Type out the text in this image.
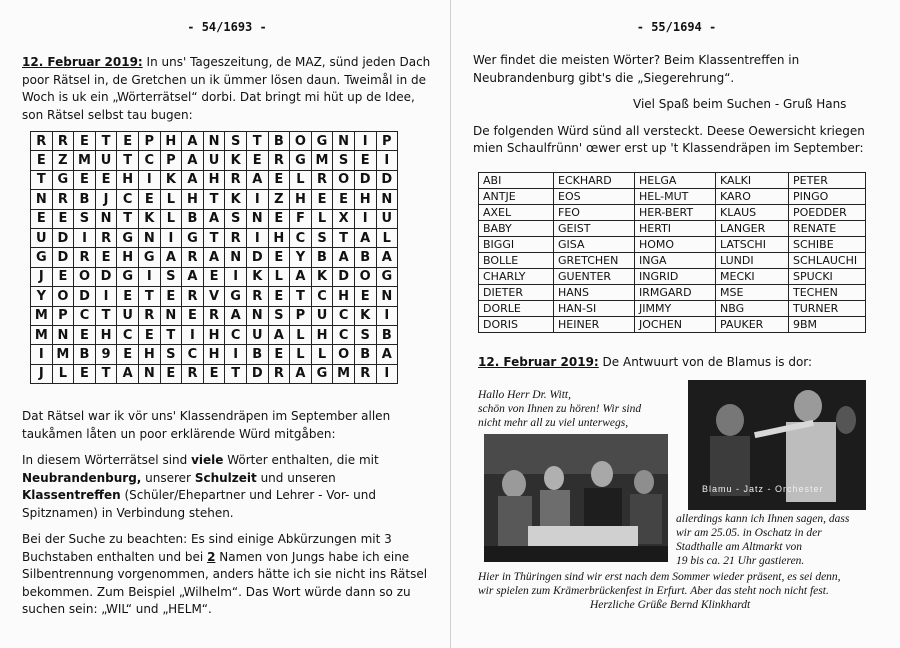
- 54/1693 -

12. Februar 2019: In uns' Tageszeitung, de MAZ, sünd jeden Dach poor Rätsel in, de Gretchen un ik ümmer lösen daun. Tweimål in de Woch is uk ein „Wörterrätsel“ dorbi. Dat bringt mi hüt up de Idee, son Rätsel selbst tau bugen:

R	R	E	T	E	P	H	A	N	S	T	B	O	G	N	I	P
E	Z	M	U	T	C	P	A	U	K	E	R	G	M	S	E	I
T	G	E	E	H	I	K	A	H	R	A	E	L	R	O	D	D
N	R	B	J	C	E	L	H	T	K	I	Z	H	E	E	H	N
E	E	S	N	T	K	L	B	A	S	N	E	F	L	X	I	U
U	D	I	R	G	N	I	G	T	R	I	H	C	S	T	A	L
G	D	R	E	H	G	A	R	A	N	D	E	Y	B	A	B	A
J	E	O	D	G	I	S	A	E	I	K	L	A	K	D	O	G
Y	O	D	I	E	T	E	R	V	G	R	E	T	C	H	E	N
M	P	C	T	U	R	N	E	R	A	N	S	P	U	C	K	I
M	N	E	H	C	E	T	I	H	C	U	A	L	H	C	S	B
I	M	B	9	E	H	S	C	H	I	B	E	L	L	O	B	A
J	L	E	T	A	N	E	R	E	T	D	R	A	G	M	R	I

Dat Rätsel war ik vör uns' Klassendräpen im September allen taukåmen låten un poor erklärende Würd mitgåben:

In diesem Wörterrätsel sind viele Wörter enthalten, die mit Neubrandenburg, unserer Schulzeit und unseren Klassentreffen (Schüler/Ehepartner und Lehrer - Vor- und Spitznamen) in Verbindung stehen.

Bei der Suche zu beachten: Es sind einige Abkürzungen mit 3 Buchstaben enthalten und bei 2 Namen von Jungs habe ich eine Silbentrennung vorgenommen, anders hätte ich sie nicht ins Rätsel bekommen. Zum Beispiel „Wilhelm“. Das Wort würde dann so zu suchen sein: „WIL“ und „HELM“.

- 55/1694 -

Wer findet die meisten Wörter? Beim Klassentreffen in Neubrandenburg gibt's die „Siegerehrung“.

Viel Spaß beim Suchen - Gruß Hans

De folgenden Würd sünd all versteckt. Deese Oewersicht kriegen mien Schaulfrünn' œwer erst up 't Klassendräpen im September:

ABI	ECKHARD	HELGA	KALKI	PETER
ANTJE	EOS	HEL-MUT	KARO	PINGO
AXEL	FEO	HER-BERT	KLAUS	POEDDER
BABY	GEIST	HERTI	LANGER	RENATE
BIGGI	GISA	HOMO	LATSCHI	SCHIBE
BOLLE	GRETCHEN	INGA	LUNDI	SCHLAUCHI
CHARLY	GUENTER	INGRID	MECKI	SPUCKI
DIETER	HANS	IRMGARD	MSE	TECHEN
DORLE	HAN-SI	JIMMY	NBG	TURNER
DORIS	HEINER	JOCHEN	PAUKER	9BM
12. Februar 2019: De Antwuurt von de Blamus is dor:
Hallo Herr Dr. Witt,
schön von Ihnen zu hören! Wir sind
nicht mehr all zu viel unterwegs,
Blamu - Jatz - Orchester
allerdings kann ich Ihnen sagen, dass
wir am 25.05. in Oschatz in der
Stadthalle am Altmarkt von
19 bis ca. 21 Uhr gastieren.
Hier in Thüringen sind wir erst nach dem Sommer wieder präsent, es sei denn,
wir spielen zum Krämerbrückenfest in Erfurt. Aber das steht noch nicht fest.
Herzliche Grüße Bernd Klinkhardt
